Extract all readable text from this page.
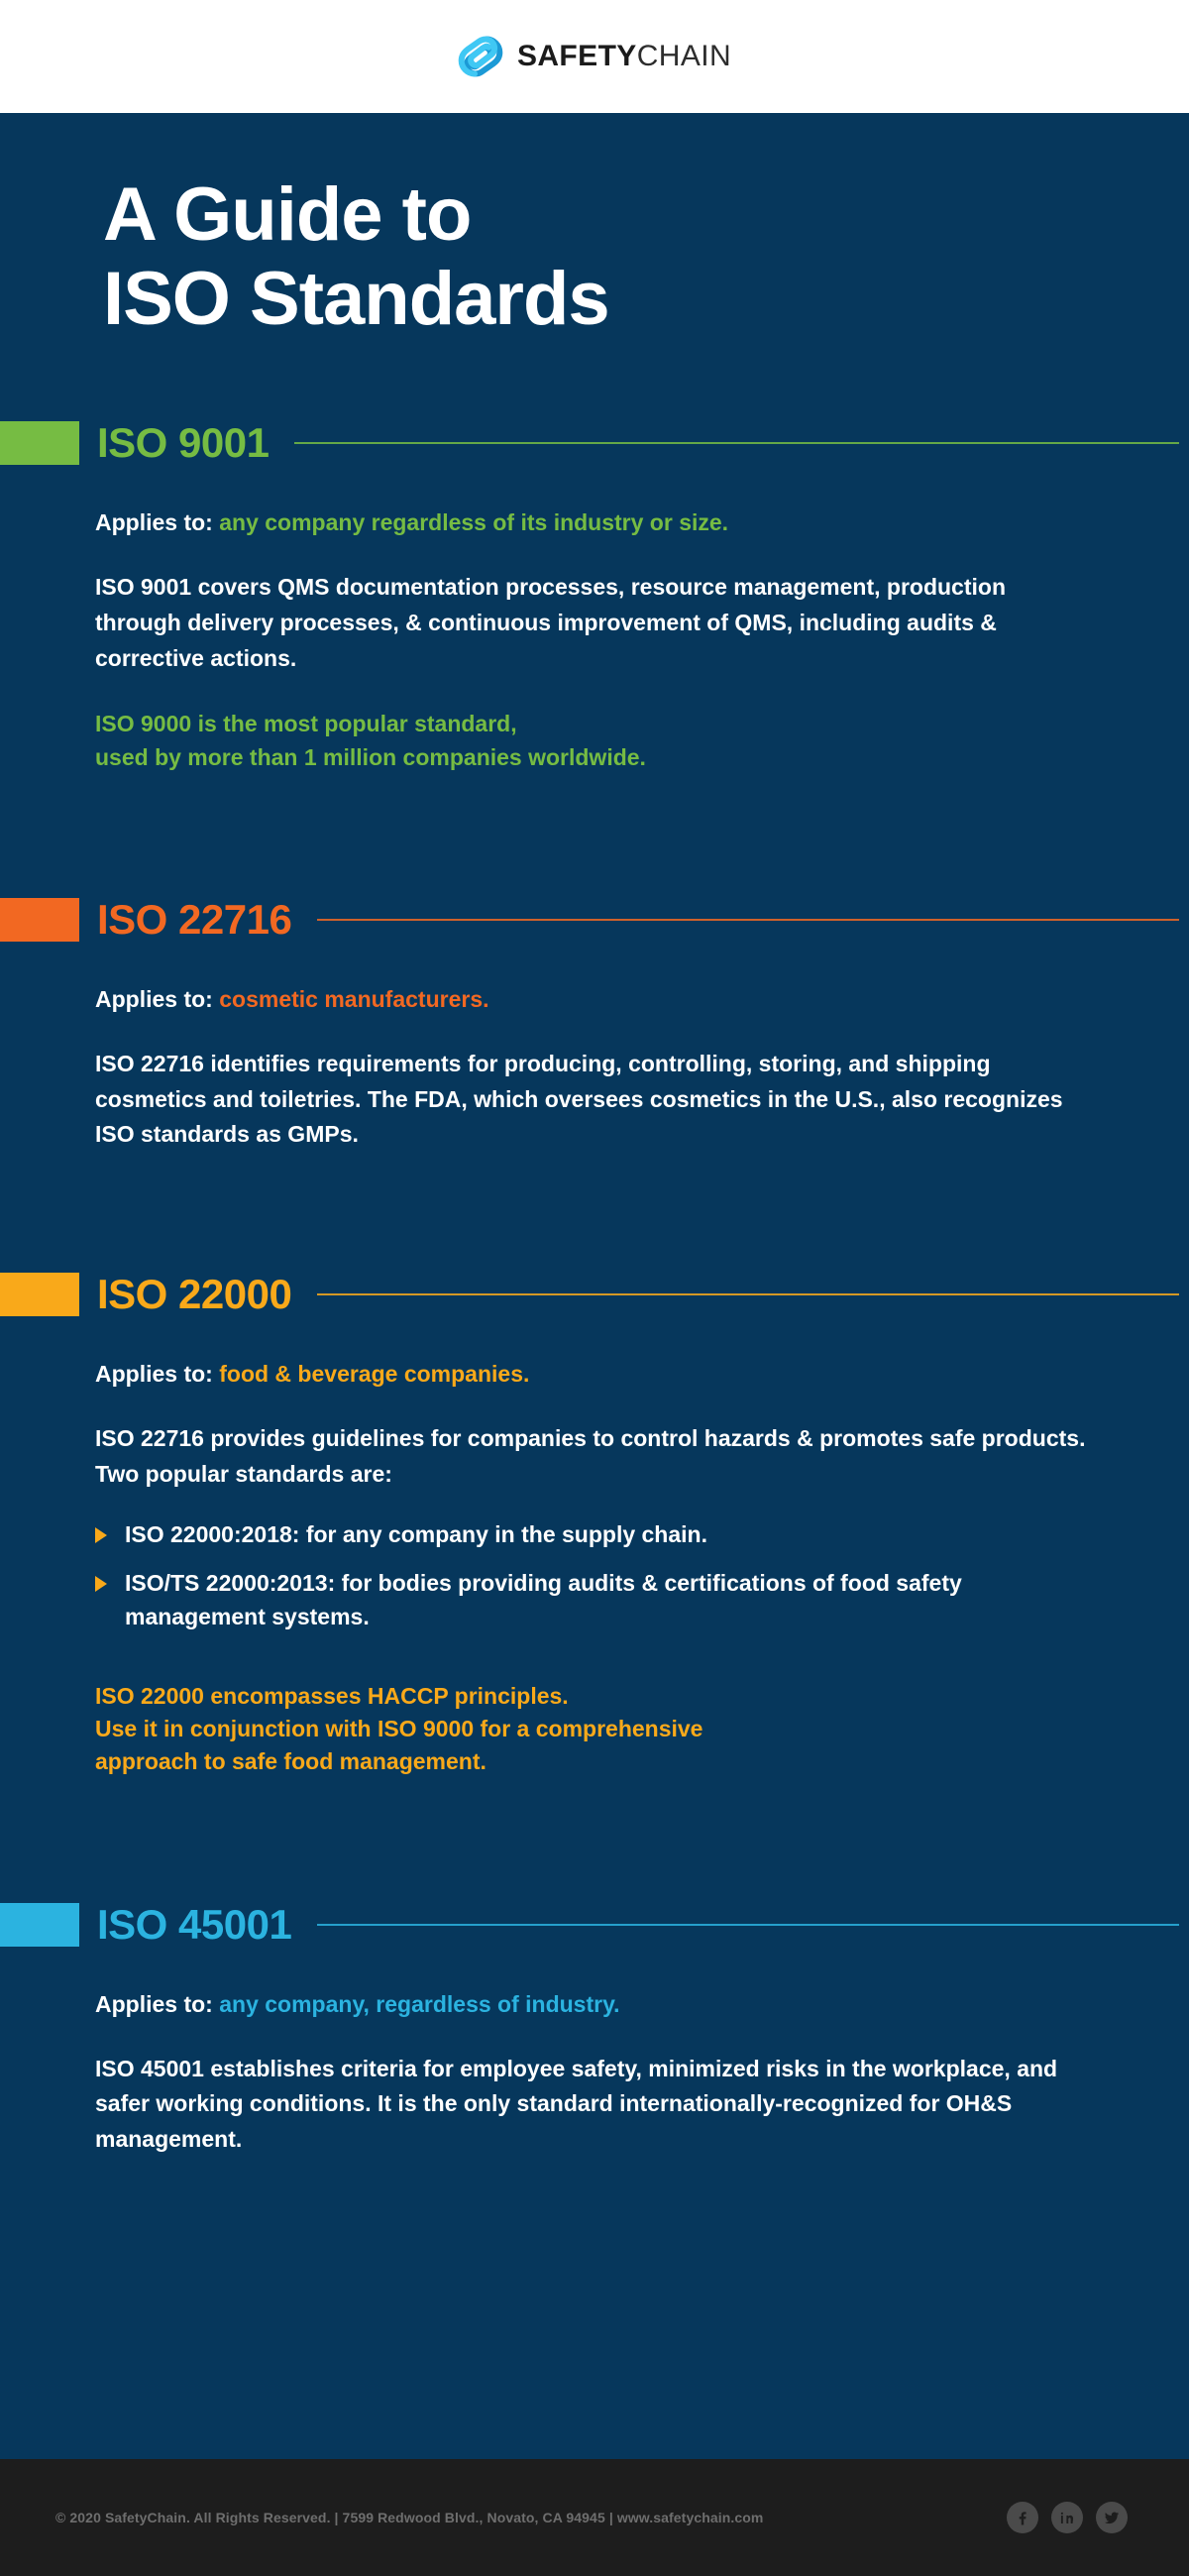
SAFETYCHAIN
A Guide to
ISO Standards
ISO 9001

Applies to: any company regardless of its industry or size.

ISO 9001 covers QMS documentation processes, resource management, production through delivery processes, & continuous improvement of QMS, including audits & corrective actions.

ISO 9000 is the most popular standard,
used by more than 1 million companies worldwide.

ISO 22716

Applies to: cosmetic manufacturers.

ISO 22716 identifies requirements for producing, controlling, storing, and shipping cosmetics and toiletries. The FDA, which oversees cosmetics in the U.S., also recognizes ISO standards as GMPs.

ISO 22000

Applies to: food & beverage companies.

ISO 22716 provides guidelines for companies to control hazards & promotes safe products. Two popular standards are:

ISO 22000:2018: for any company in the supply chain.
ISO/TS 22000:2013: for bodies providing audits & certifications of food safety management systems.

ISO 22000 encompasses HACCP principles.
Use it in conjunction with ISO 9000 for a comprehensive
approach to safe food management.

ISO 45001

Applies to: any company, regardless of industry.

ISO 45001 establishes criteria for employee safety, minimized risks in the workplace, and safer working conditions. It is the only standard internationally-recognized for OH&S management.

© 2020 SafetyChain. All Rights Reserved. | 7599 Redwood Blvd., Novato, CA 94945 | www.safetychain.com
